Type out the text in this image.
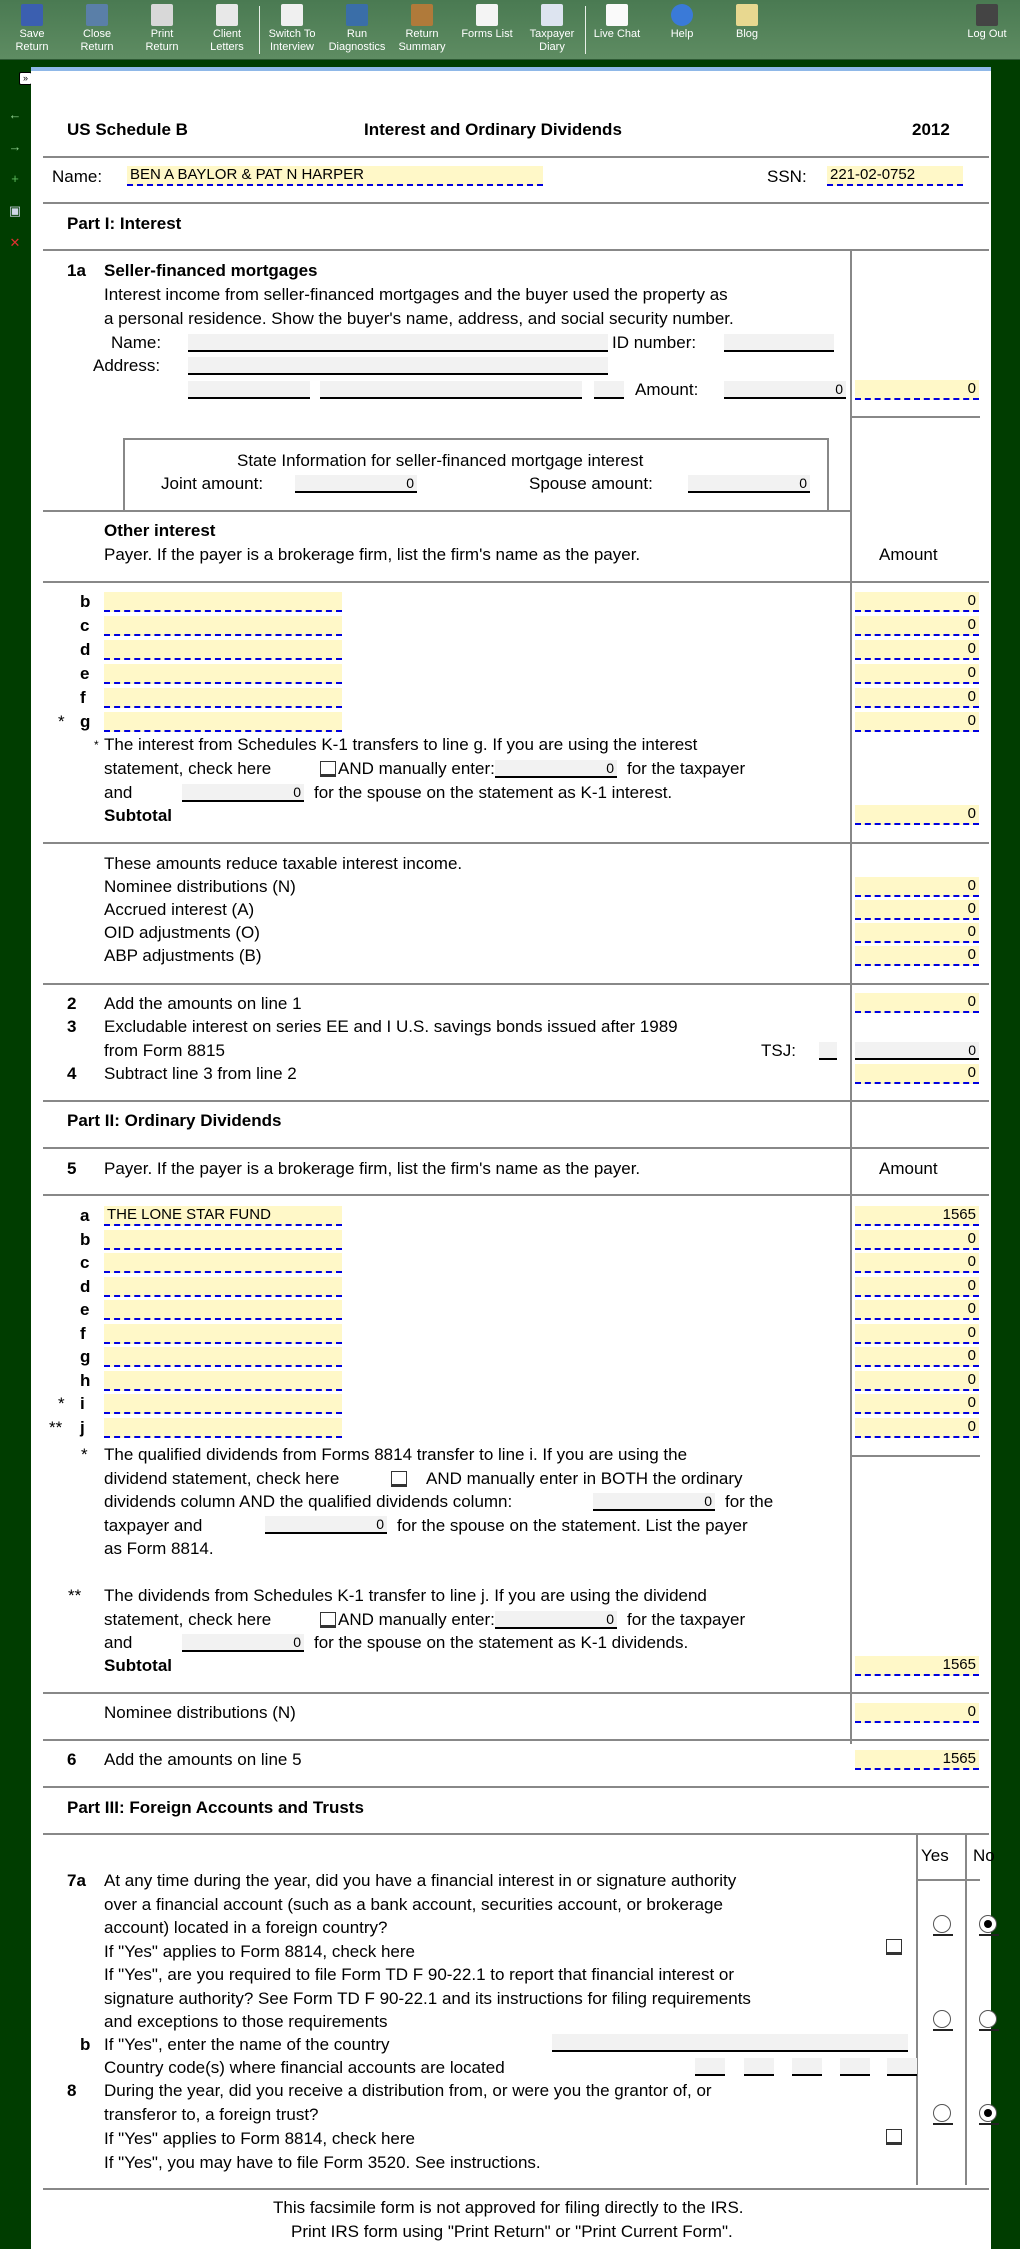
Save
Return
Close
Return
Print
Return
Client
Letters
Switch To
Interview
Run
Diagnostics
Return
Summary
Forms List	Taxpayer
Diary
Live Chat	Help	Blog	Log Out
←
→
+
▣
✕
»
US Schedule B	Interest and Ordinary Dividends	2012
Name: BEN A BAYLOR & PAT N HARPER	SSN: 221-02-0752
Part I: Interest
1a Seller-financed mortgages
Interest income from seller-financed mortgages and the buyer used the property as
a personal residence. Show the buyer's name, address, and social security number.
Name:	ID number:
Address:
Amount:	0	0
State Information for seller-financed mortgage interest
Joint amount:	0	Spouse amount:	0
Other interest
Payer. If the payer is a brokerage firm, list the firm's name as the payer.	Amount
b	0
c	0
d	0
e	0
f	0
* g	0
* The interest from Schedules K-1 transfers to line g. If you are using the interest
statement, check here	AND manually enter:	0 for the taxpayer
and	0 for the spouse on the statement as K-1 interest.
Subtotal	0
These amounts reduce taxable interest income.
Nominee distributions (N)	0
Accrued interest (A)	0
OID adjustments (O)	0
ABP adjustments (B)	0
2 Add the amounts on line 1	0
3 Excludable interest on series EE and I U.S. savings bonds issued after 1989
from Form 8815	TSJ:	0
4 Subtract line 3 from line 2	0
Part II: Ordinary Dividends
5 Payer. If the payer is a brokerage firm, list the firm's name as the payer.	Amount
a THE LONE STAR FUND	1565
b	0
c	0
d	0
e	0
f	0
g	0
h	0
* i	0
** j	0
* The qualified dividends from Forms 8814 transfer to line i. If you are using the
dividend statement, check here	AND manually enter in BOTH the ordinary
dividends column AND the qualified dividends column:	0 for the
taxpayer and	0 for the spouse on the statement. List the payer
as Form 8814.
** The dividends from Schedules K-1 transfer to line j. If you are using the dividend
statement, check here	AND manually enter:	0 for the taxpayer
and	0 for the spouse on the statement as K-1 dividends.
Subtotal	1565
Nominee distributions (N)	0
6 Add the amounts on line 5	1565
Part III: Foreign Accounts and Trusts
Yes No
7a At any time during the year, did you have a financial interest in or signature authority
over a financial account (such as a bank account, securities account, or brokerage
account) located in a foreign country?
If "Yes" applies to Form 8814, check here
If "Yes", are you required to file Form TD F 90-22.1 to report that financial interest or
signature authority? See Form TD F 90-22.1 and its instructions for filing requirements
and exceptions to those requirements
b If "Yes", enter the name of the country
Country code(s) where financial accounts are located
8 During the year, did you receive a distribution from, or were you the grantor of, or
transferor to, a foreign trust?
If "Yes" applies to Form 8814, check here
If "Yes", you may have to file Form 3520. See instructions.
This facsimile form is not approved for filing directly to the IRS.
Print IRS form using "Print Return" or "Print Current Form".
